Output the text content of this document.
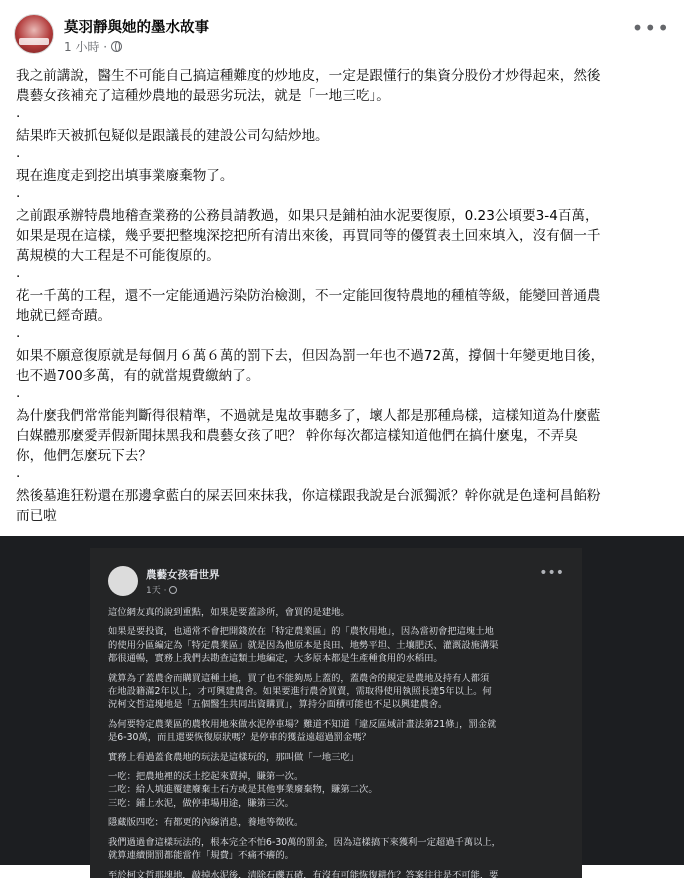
莫羽靜與她的墨水故事
1 小時 ·
•••

我之前講說，醫生不可能自己搞這種難度的炒地皮，一定是跟懂行的集資分股份才炒得起來，然後
農藝女孩補充了這種炒農地的最惡劣玩法，就是「一地三吃」。

.

結果昨天被抓包疑似是跟議長的建設公司勾結炒地。

.

現在進度走到挖出填事業廢棄物了。

.

之前跟承辦特農地稽查業務的公務員請教過，如果只是鋪柏油水泥要復原，0.23公頃要3-4百萬，
如果是現在這樣，幾乎要把整塊深挖把所有清出來後，再買同等的優質表土回來填入，沒有個一千
萬規模的大工程是不可能復原的。

.

花一千萬的工程，還不一定能通過污染防治檢測，不一定能回復特農地的種植等級，能變回普通農
地就已經奇蹟。

.

如果不願意復原就是每個月６萬６萬的罰下去，但因為罰一年也不過72萬，撐個十年變更地目後，
也不過700多萬，有的就當規費繳納了。

.

為什麼我們常常能判斷得很精準，不過就是鬼故事聽多了，壞人都是那種鳥樣，這樣知道為什麼藍
白媒體那麼愛弄假新聞抹黑我和農藝女孩了吧？ 幹你每次都這樣知道他們在搞什麼鬼，不弄臭
你，他們怎麼玩下去？

.

然後墓進狂粉還在那邊拿藍白的屎丟回來抹我，你這樣跟我說是台派獨派？幹你就是色達柯昌餡粉
而已啦

農藝女孩看世界
1天 ·
•••

這位網友真的說到重點，如果是要蓋診所，會買的是建地。

如果是要投資，也通常不會把開錢放在「特定農業區」的「農牧用地」，因為當初會把這塊土地
的使用分區編定為「特定農業區」就是因為他原本是良田、地勢平坦、土壤肥沃、灌溉設施溝渠
都很通暢，實務上我們去勘查這類土地編定，大多原本都是生產種食用的水稻田。

就算為了蓋農舍而購買這種土地，買了也不能夠馬上蓋的，蓋農舍的規定是農地及持有人都須
在地設籍滿2年以上，才可興建農舍。如果要進行農舍買賣，需取得使用執照長達5年以上。何
況柯文哲這塊地是「五個醫生共同出資購買」，算持分面積可能也不足以興建農舍。

為何要特定農業區的農牧用地來做水泥停車場？難道不知道「違反區域計畫法第21條」，罰金就
是6-30萬，而且還要恢復原狀嗎？是停車的獲益遠超過罰金嗎？

實務上看過蓋食農地的玩法是這樣玩的，那叫做「一地三吃」

一吃：把農地裡的沃土挖起來賣掉，賺第一次。
二吃：給人填進覆建廢棄土石方或是其他事業廢棄物，賺第二次。
三吃：鋪上水泥，做停車場用途，賺第三次。

隱藏版四吃：有都更的內線消息，養地等徵收。

我們過過會這樣玩法的，根本完全不怕6-30萬的罰金，因為這樣搞下來獲利一定超過千萬以上，
就算連續開罰都能當作「規費」不痛不癢的。

至於柯文哲那塊地，敲掉水泥後，清除石礫五碴，有沒有可能恢復耕作？答案往往是不可能，要
